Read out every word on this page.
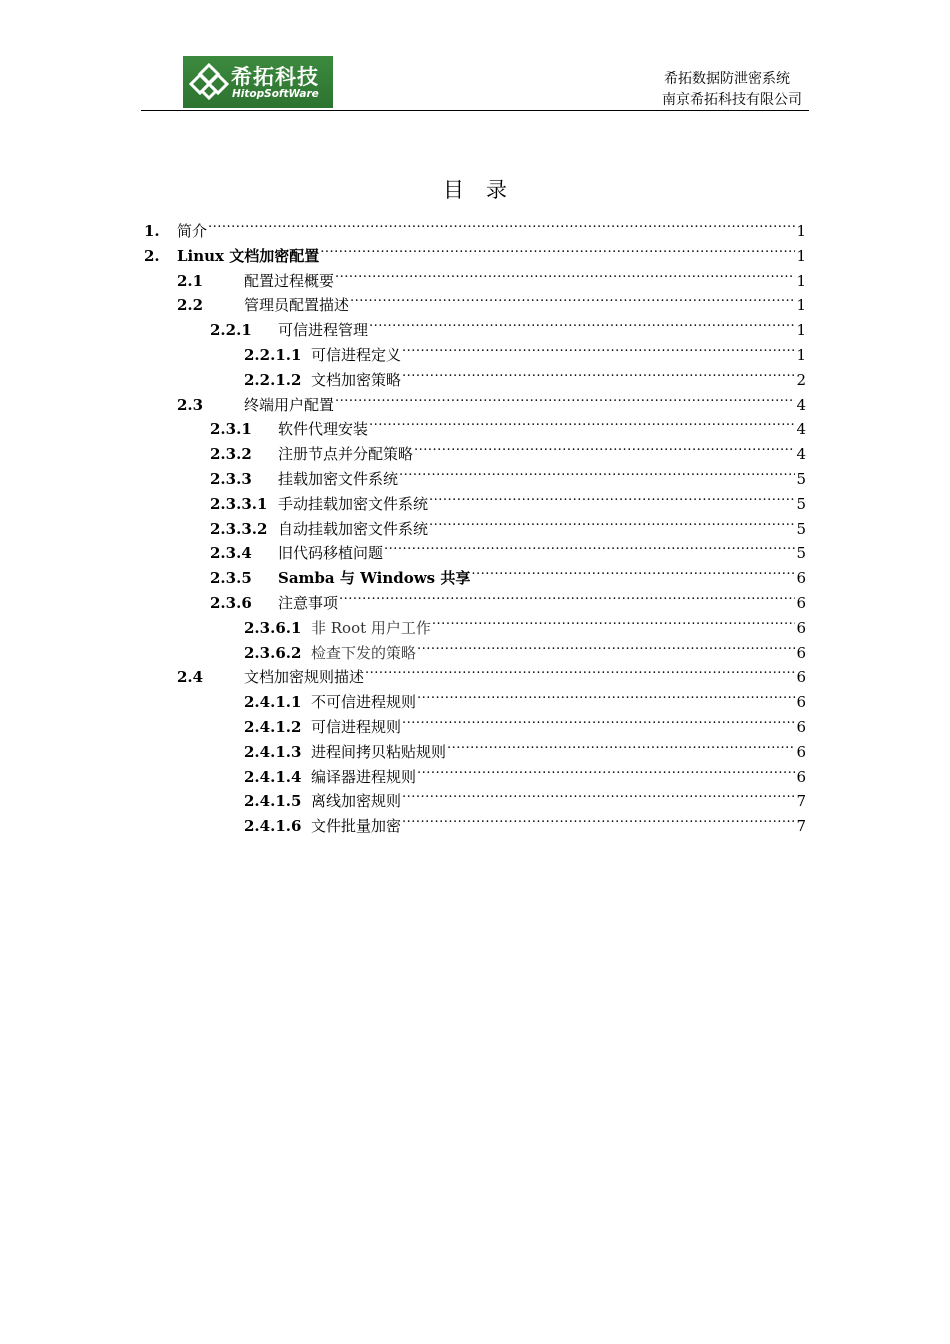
希拓科技
HitopSoftWare
希拓数据防泄密系统
南京希拓科技有限公司
目录
1.	简介 .....	1
2.	Linux 文档加密配置 .....	1
2.1	配置过程概要 .....	1
2.2	管理员配置描述 .....	1
2.2.1	可信进程管理 .....	1
2.2.1.1 可信进程定义 .....	1
2.2.1.2 文档加密策略 .....	2
2.3	终端用户配置 .....	4
2.3.1	软件代理安装 .....	4
2.3.2	注册节点并分配策略 .....	4
2.3.3	挂载加密文件系统 .....	5
2.3.3.1 手动挂载加密文件系统 .....	5
2.3.3.2 自动挂载加密文件系统 .....	5
2.3.4	旧代码移植问题 .....	5
2.3.5	Samba 与 Windows 共享 .....	6
2.3.6	注意事项 .....	6
2.3.6.1 非 Root 用户工作 .....	6
2.3.6.2 检查下发的策略 .....	6
2.4	文档加密规则描述 .....	6
2.4.1.1 不可信进程规则 .....	6
2.4.1.2 可信进程规则 .....	6
2.4.1.3 进程间拷贝粘贴规则 .....	6
2.4.1.4 编译器进程规则 .....	6
2.4.1.5 离线加密规则 .....	7
2.4.1.6 文件批量加密 .....	7
